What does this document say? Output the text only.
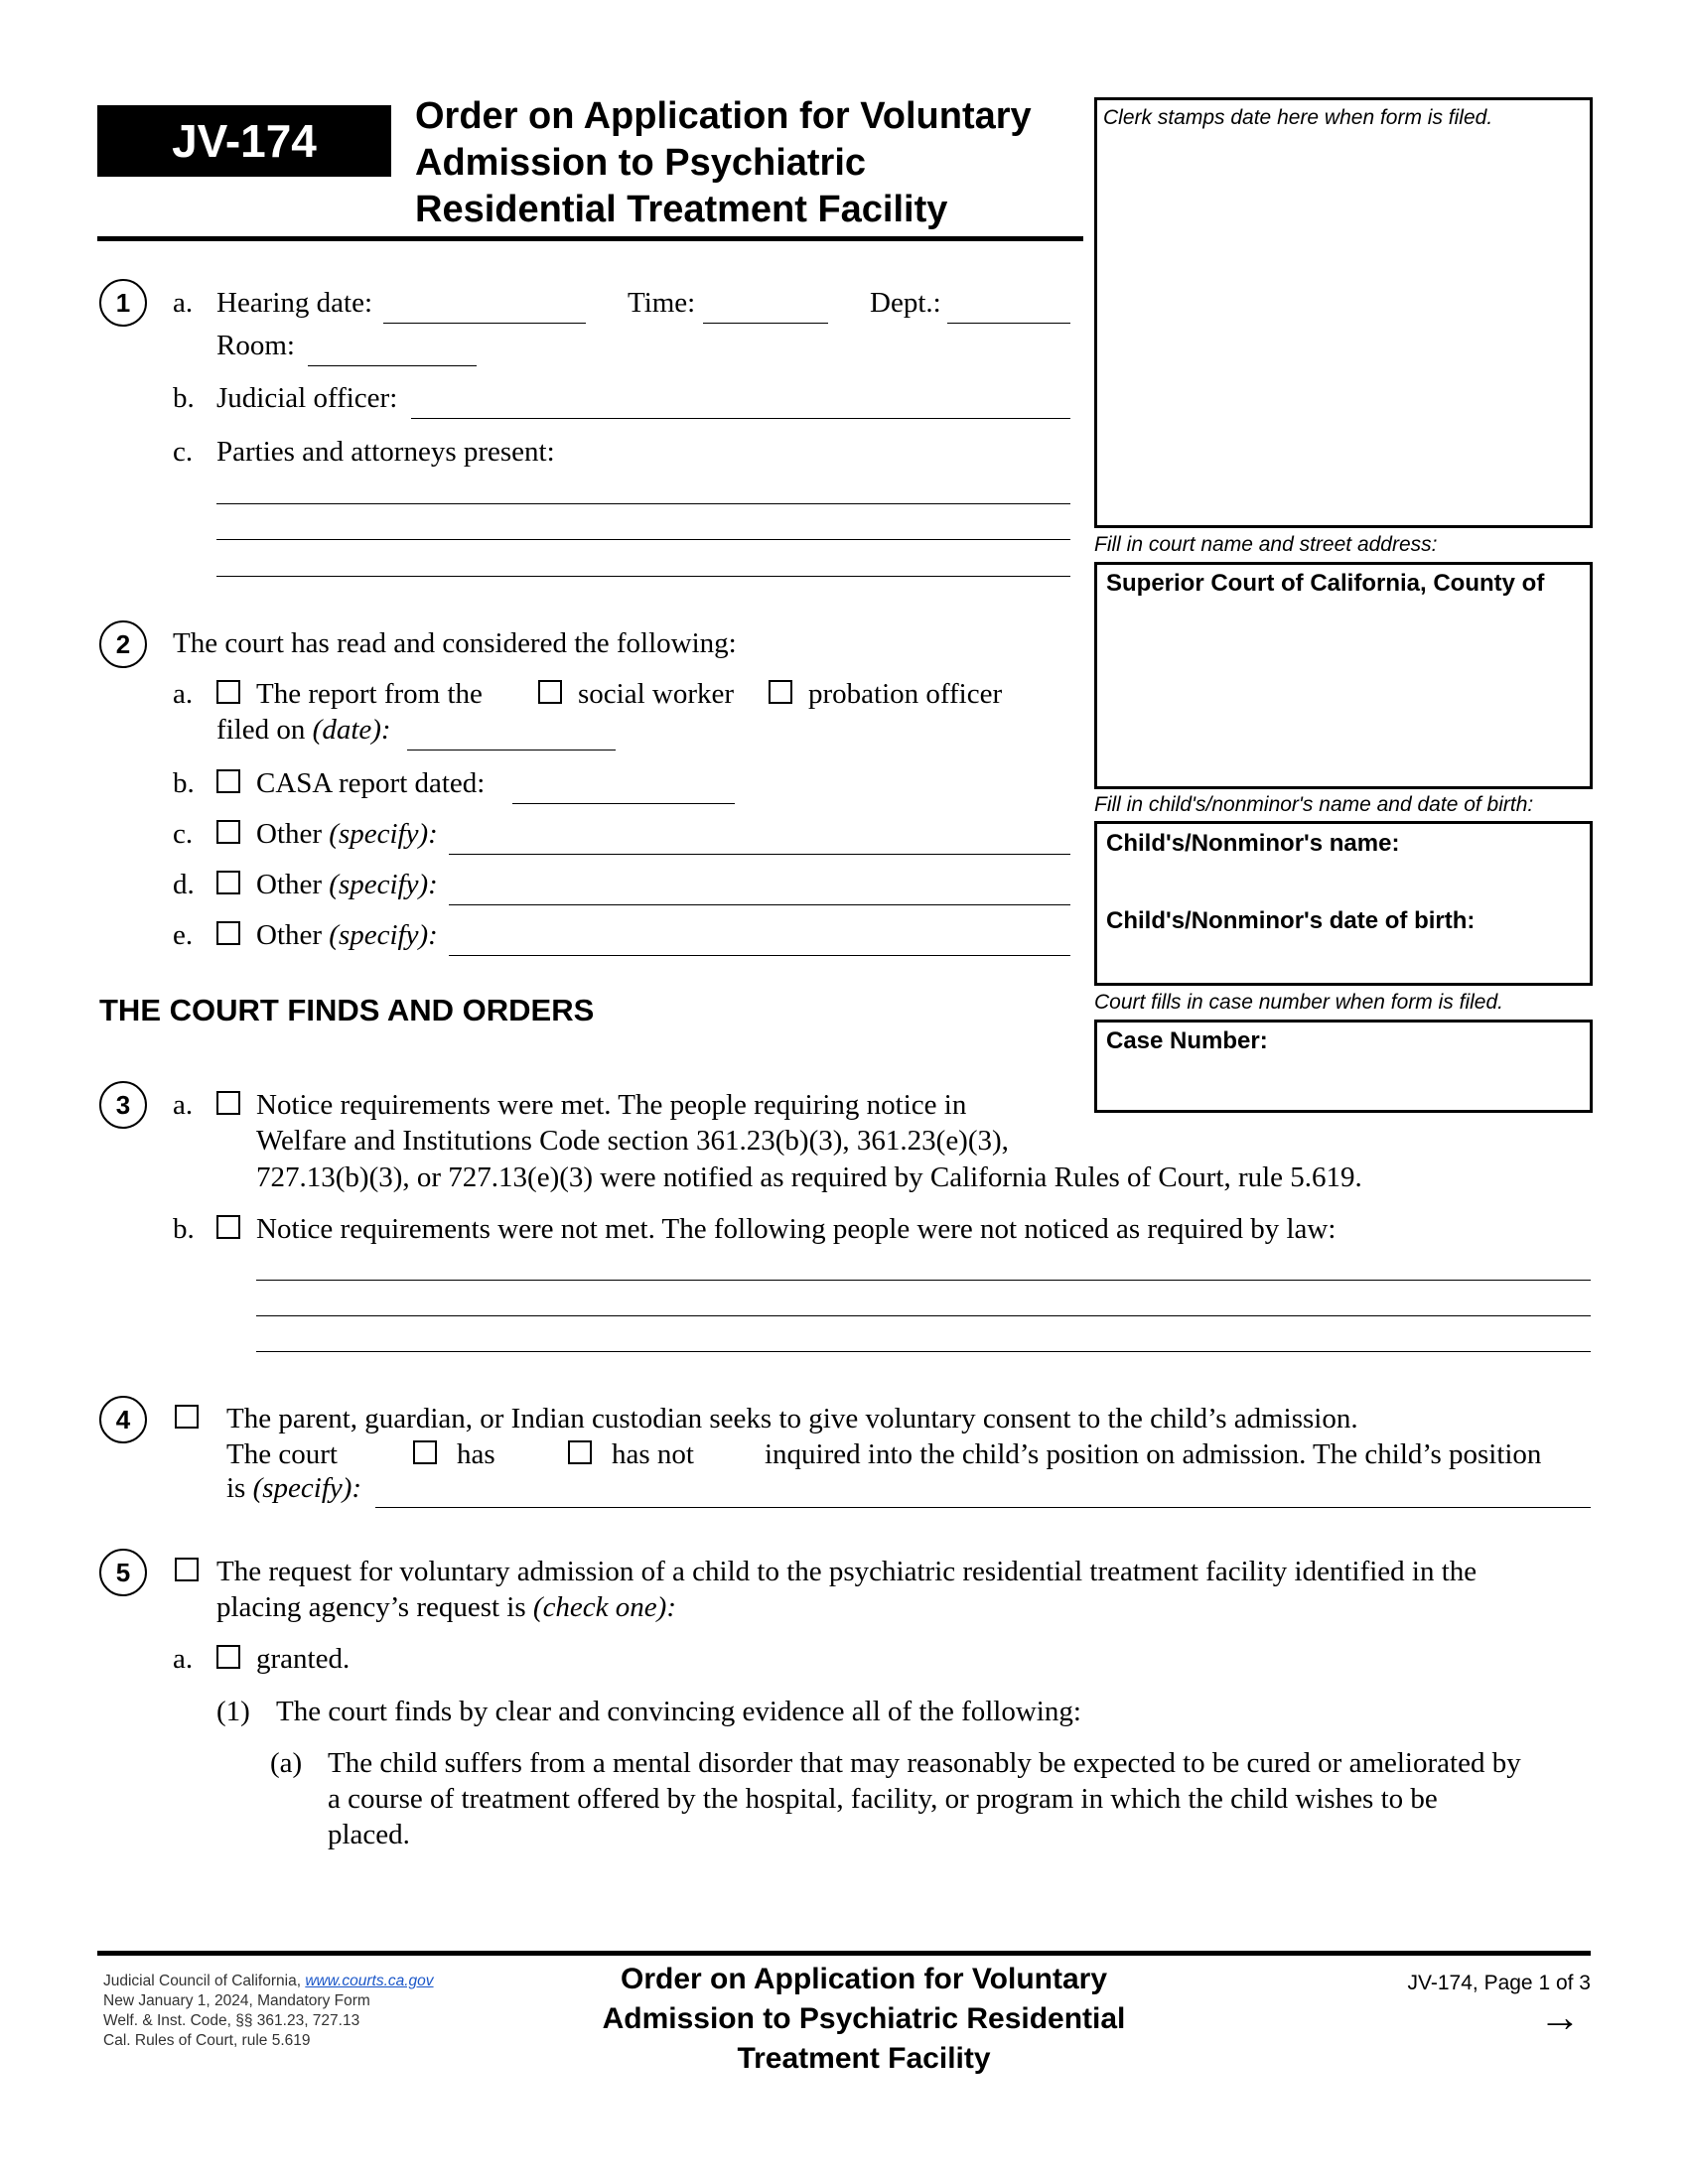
JV-174	Order on Application for Voluntary
Admission to Psychiatric
Residential Treatment Facility
Clerk stamps date here when form is filed.
Fill in court name and street address:
Superior Court of California, County of
Fill in child's/nonminor's name and date of birth:
Child's/Nonminor's name:
Child's/Nonminor's date of birth:
Court fills in case number when form is filed.
Case Number:
1	a. Hearing date:	Time:	Dept.:
Room:
b. Judicial officer:
c. Parties and attorneys present:
2	The court has read and considered the following:
a. The report from the	social worker	probation officer
filed on (date):
b. CASA report dated:
c. Other (specify):
d. Other (specify):
e. Other (specify):
THE COURT FINDS AND ORDERS
3	a. Notice requirements were met. The people requiring notice in
Welfare and Institutions Code section 361.23(b)(3), 361.23(e)(3),
727.13(b)(3), or 727.13(e)(3) were notified as required by California Rules of Court, rule 5.619.
b. Notice requirements were not met. The following people were not noticed as required by law:
4	The parent, guardian, or Indian custodian seeks to give voluntary consent to the child’s admission.
The court	has	has not inquired into the child’s position on admission. The child’s position
is (specify):
5	The request for voluntary admission of a child to the psychiatric residential treatment facility identified in the
placing agency’s request is (check one):
a. granted.
(1) The court finds by clear and convincing evidence all of the following:
(a) The child suffers from a mental disorder that may reasonably be expected to be cured or ameliorated by
a course of treatment offered by the hospital, facility, or program in which the child wishes to be
placed.
Judicial Council of California, www.courts.ca.gov
New January 1, 2024, Mandatory Form
Welf. & Inst. Code, §§ 361.23, 727.13
Cal. Rules of Court, rule 5.619
Order on Application for Voluntary
Admission to Psychiatric Residential
Treatment Facility
JV-174, Page 1 of 3
→
